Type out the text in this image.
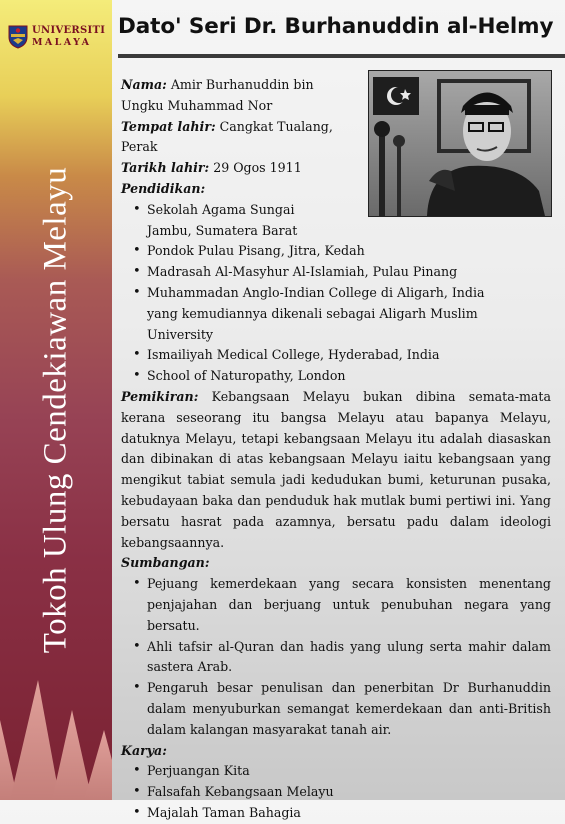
UNIVERSITI
MALAYA
Tokoh Ulung Cendekiawan Melayu
Dato' Seri Dr. Burhanuddin al-Helmy

Nama: Amir Burhanuddin bin
Ungku Muhammad Nor

Tempat lahir: Cangkat Tualang,
Perak

Tarikh lahir: 29 Ogos 1911

Pendidikan:

• Sekolah Agama Sungai Jambu, Sumatera Barat
• Pondok Pulau Pisang, Jitra, Kedah
• Madrasah Al-Masyhur Al-Islamiah, Pulau Pinang
• Muhammadan Anglo-Indian College di Aligarh, India yang kemudiannya dikenali sebagai Aligarh Muslim University
• Ismailiyah Medical College, Hyderabad, India
• School of Naturopathy, London

Pemikiran: Kebangsaan Melayu bukan dibina semata-mata kerana seseorang itu bangsa Melayu atau bapanya Melayu, datuknya Melayu, tetapi kebangsaan Melayu itu adalah diasaskan dan dibinakan di atas kebangsaan Melayu iaitu kebangsaan yang mengikut tabiat semula jadi kedudukan bumi, keturunan pusaka, kebudayaan baka dan penduduk hak mutlak bumi pertiwi ini. Yang bersatu hasrat pada azamnya, bersatu padu dalam ideologi kebangsaannya.

Sumbangan:

• Pejuang kemerdekaan yang secara konsisten menentang penjajahan dan berjuang untuk penubuhan negara yang bersatu.
• Ahli tafsir al-Quran dan hadis yang ulung serta mahir dalam sastera Arab.
• Pengaruh besar penulisan dan penerbitan Dr Burhanuddin dalam menyuburkan semangat kemerdekaan dan anti-British dalam kalangan masyarakat tanah air.

Karya:

• Perjuangan Kita
• Falsafah Kebangsaan Melayu
• Majalah Taman Bahagia
